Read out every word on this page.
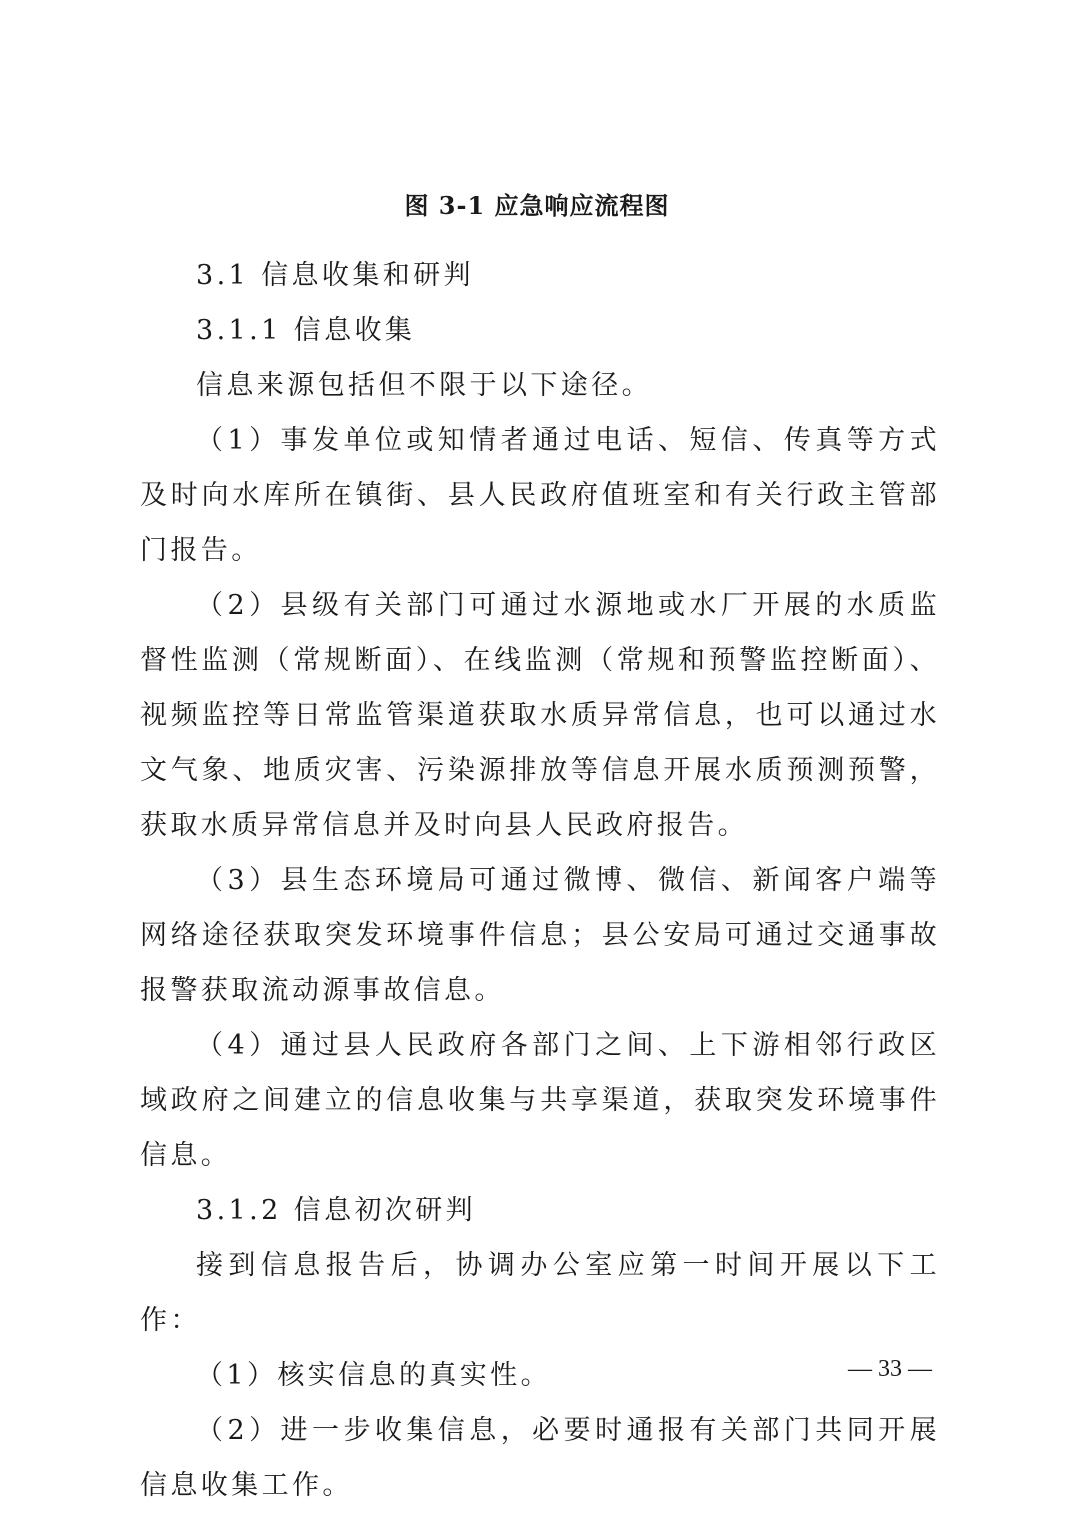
图 3-1 应急响应流程图

3.1 信息收集和研判

3.1.1 信息收集

信息来源包括但不限于以下途径。

（1）事发单位或知情者通过电话、短信、传真等方式及时向水库所在镇街、县人民政府值班室和有关行政主管部门报告。

（2）县级有关部门可通过水源地或水厂开展的水质监督性监测（常规断面）、在线监测（常规和预警监控断面）、视频监控等日常监管渠道获取水质异常信息，也可以通过水文气象、地质灾害、污染源排放等信息开展水质预测预警，获取水质异常信息并及时向县人民政府报告。

（3）县生态环境局可通过微博、微信、新闻客户端等网络途径获取突发环境事件信息；县公安局可通过交通事故报警获取流动源事故信息。

（4）通过县人民政府各部门之间、上下游相邻行政区域政府之间建立的信息收集与共享渠道，获取突发环境事件信息。

3.1.2 信息初次研判

接到信息报告后，协调办公室应第一时间开展以下工作：

（1）核实信息的真实性。

（2）进一步收集信息，必要时通报有关部门共同开展信息收集工作。

— 33 —
